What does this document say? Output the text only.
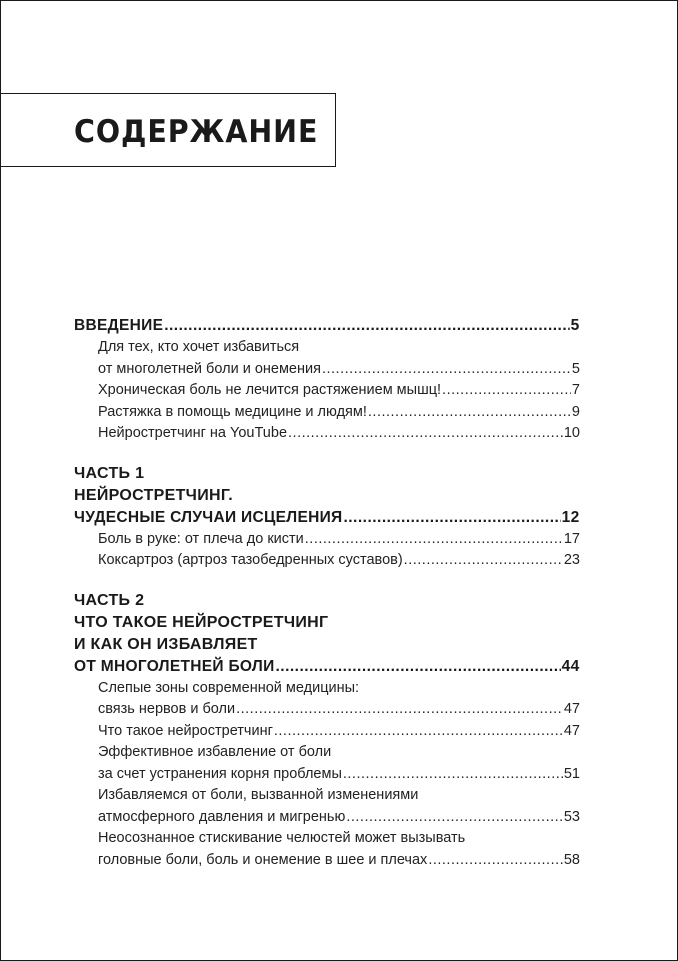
СОДЕРЖАНИЕ
ВВЕДЕНИЕ .....	5
Для тех, кто хочет избавиться
от многолетней боли и онемения .....	5
Хроническая боль не лечится растяжением мышц! .....	7
Растяжка в помощь медицине и людям! .....	9
Нейростретчинг на YouTube .....	10
ЧАСТЬ 1
НЕЙРОСТРЕТЧИНГ.
ЧУДЕСНЫЕ СЛУЧАИ ИСЦЕЛЕНИЯ .....	12
Боль в руке: от плеча до кисти .....	17
Коксартроз (артроз тазобедренных суставов) .....	23
ЧАСТЬ 2
ЧТО ТАКОЕ НЕЙРОСТРЕТЧИНГ
И КАК ОН ИЗБАВЛЯЕТ
ОТ МНОГОЛЕТНЕЙ БОЛИ .....	44
Слепые зоны современной медицины:
связь нервов и боли .....	47
Что такое нейростретчинг .....	47
Эффективное избавление от боли
за счет устранения корня проблемы .....	51
Избавляемся от боли, вызванной изменениями
атмосферного давления и мигренью .....	53
Неосознанное стискивание челюстей может вызывать
головные боли, боль и онемение в шее и плечах .....	58
